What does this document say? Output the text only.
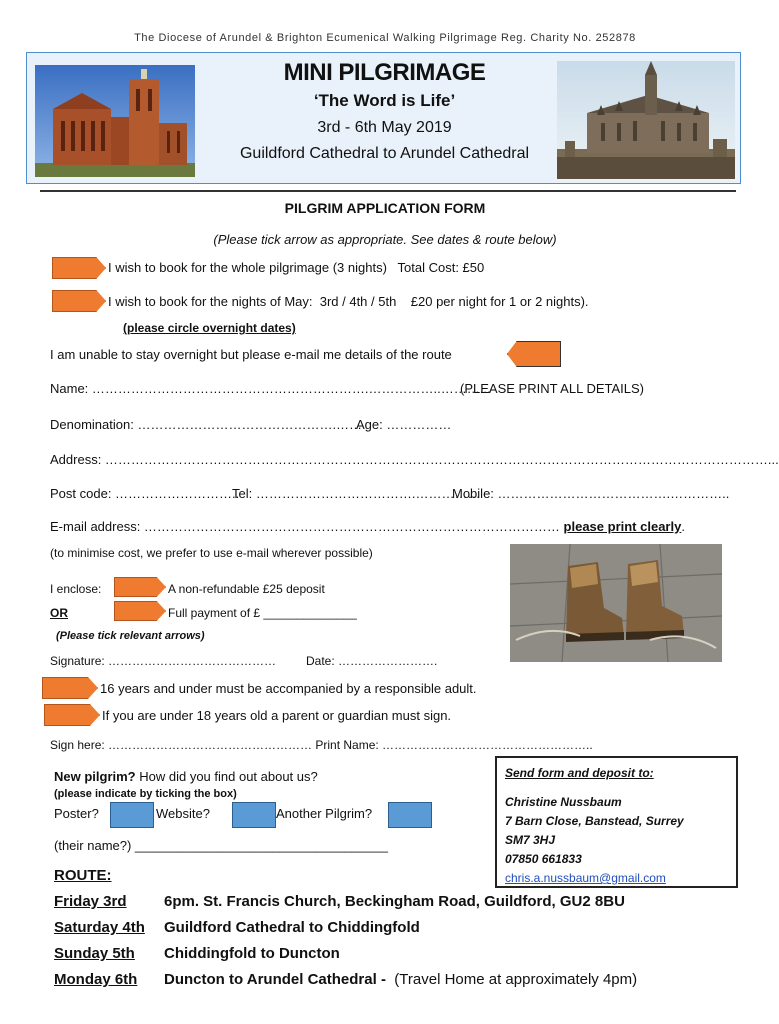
The Diocese of Arundel & Brighton Ecumenical Walking Pilgrimage Reg. Charity No. 252878
MINI PILGRIMAGE
‘The Word is Life’
3rd - 6th May 2019
Guildford Cathedral to Arundel Cathedral
PILGRIM APPLICATION FORM
(Please tick arrow as appropriate. See dates & route below)
I wish to book for the whole pilgrimage (3 nights)   Total Cost: £50
I wish to book for the nights of May:  3rd / 4th / 5th    £20 per night for 1 or 2 nights).
(please circle overnight dates)
I am unable to stay overnight but please e-mail me details of the route
Name: ……………………………………………………….……………..………...
(PLEASE PRINT ALL DETAILS)
Denomination: ……………………………………….……
Age: ……………
Address: ………………………………………………………………………………………………………………………………………...
Post code: ………………………..
Tel: ……………………………….……………
Mobile: ………………………………….…………..
E-mail address: …………………………………………………………………………………… please print clearly.
(to minimise cost, we prefer to use e-mail wherever possible)
I enclose:	A non-refundable £25 deposit
OR	Full payment of £ ______________
(Please tick relevant arrows)
Signature: …………………………………… Date: …………………….
16 years and under must be accompanied by a responsible adult.
If you are under 18 years old a parent or guardian must sign.
Sign here: …………………………………………… Print Name: ……………………………………………..
New pilgrim? How did you find out about us?
(please indicate by ticking the box)
Poster?	Website?	Another Pilgrim?
(their name?) ___________________________________
Send form and deposit to:
Christine Nussbaum
7 Barn Close, Banstead, Surrey
SM7 3HJ
07850 661833
chris.a.nussbaum@gmail.com
ROUTE:
Friday 3rd 6pm. St. Francis Church, Beckingham Road, Guildford, GU2 8BU
Saturday 4th Guildford Cathedral to Chiddingfold
Sunday 5th Chiddingfold to Duncton
Monday 6th Duncton to Arundel Cathedral -  (Travel Home at approximately 4pm)
